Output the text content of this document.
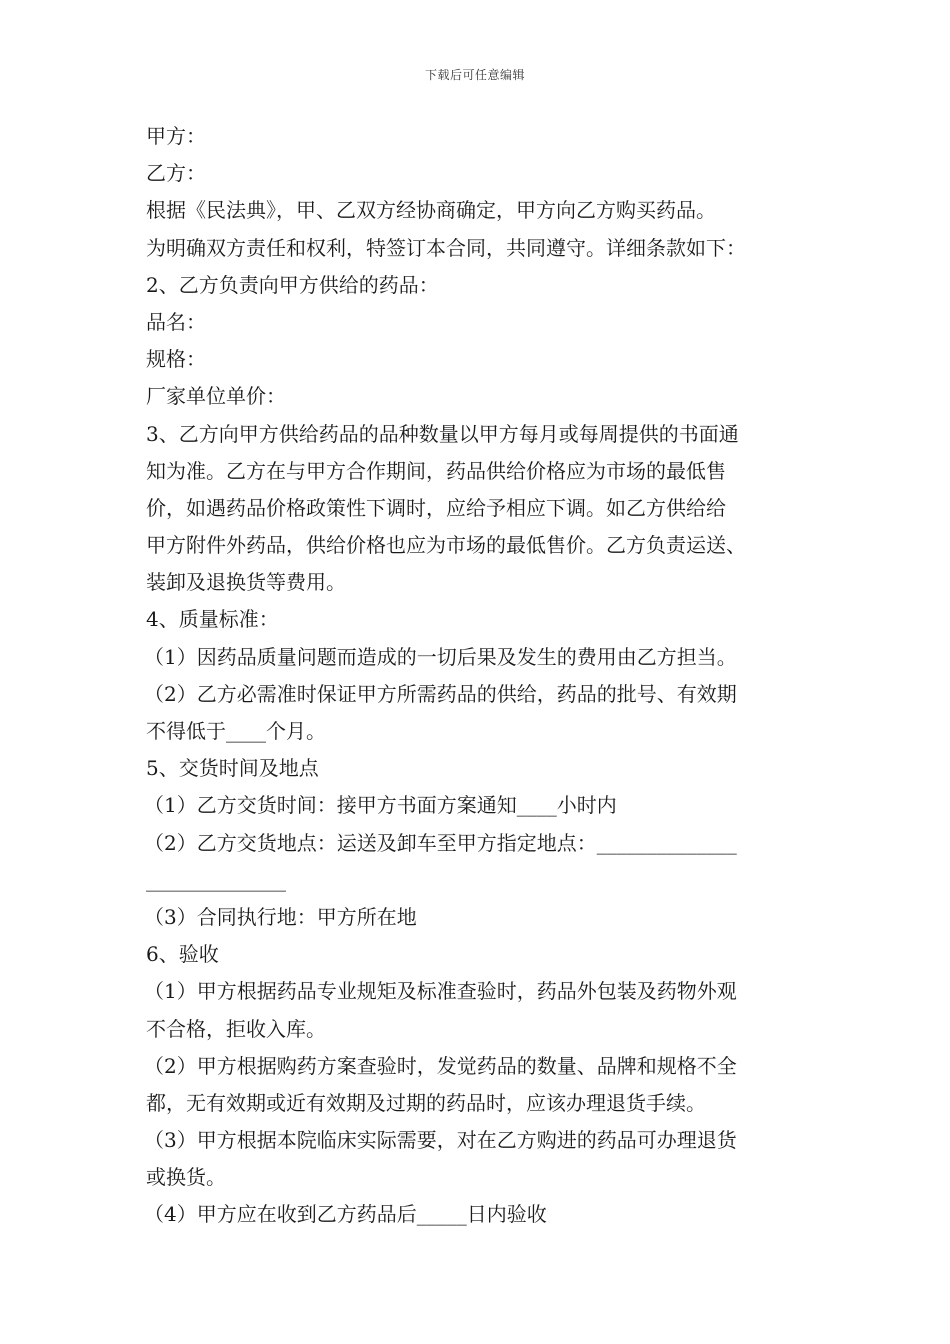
下载后可任意编辑
甲方：
乙方：
根据《民法典》，甲、乙双方经协商确定，甲方向乙方购买药品。
为明确双方责任和权利，特签订本合同，共同遵守。详细条款如下：
2、乙方负责向甲方供给的药品：
品名：
规格：
厂家单位单价：
3、乙方向甲方供给药品的品种数量以甲方每月或每周提供的书面通
知为准。乙方在与甲方合作期间，药品供给价格应为市场的最低售
价，如遇药品价格政策性下调时，应给予相应下调。如乙方供给给
甲方附件外药品，供给价格也应为市场的最低售价。乙方负责运送、
装卸及退换货等费用。
4、质量标准：
（1）因药品质量问题而造成的一切后果及发生的费用由乙方担当。
（2）乙方必需准时保证甲方所需药品的供给，药品的批号、有效期
不得低于____个月。
5、交货时间及地点
（1）乙方交货时间：接甲方书面方案通知____小时内
（2）乙方交货地点：运送及卸车至甲方指定地点：______________
______________
（3）合同执行地：甲方所在地
6、验收
（1）甲方根据药品专业规矩及标准查验时，药品外包装及药物外观
不合格，拒收入库。
（2）甲方根据购药方案查验时，发觉药品的数量、品牌和规格不全
都，无有效期或近有效期及过期的药品时，应该办理退货手续。
（3）甲方根据本院临床实际需要，对在乙方购进的药品可办理退货
或换货。
（4）甲方应在收到乙方药品后_____日内验收
